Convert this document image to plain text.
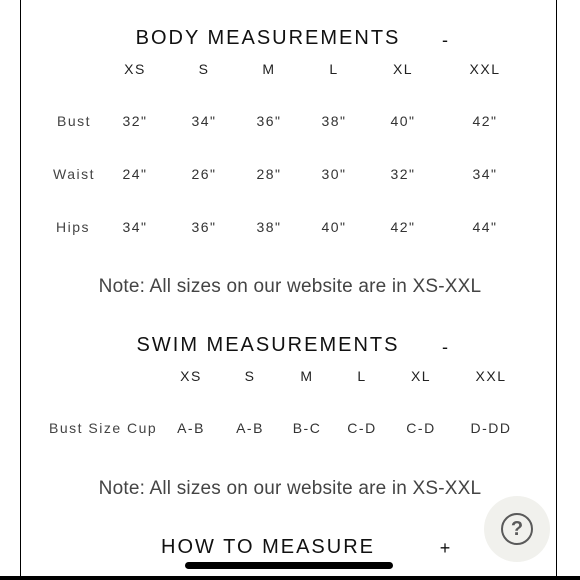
BODY MEASUREMENTS -
XS	S	M	L	XL	XXL
Bust 32"	34"	36"	38"	40"	42"
Waist 24"	26"	28"	30"	32"	34"
Hips 34"	36"	38"	40"	42"	44"
Note: All sizes on our website are in XS-XXL
SWIM MEASUREMENTS -
XS	S	M	L	XL	XXL
Bust Size Cup A-B A-B B-C C-D C-D D-DD
Note: All sizes on our website are in XS-XXL
HOW TO MEASURE	+
?
